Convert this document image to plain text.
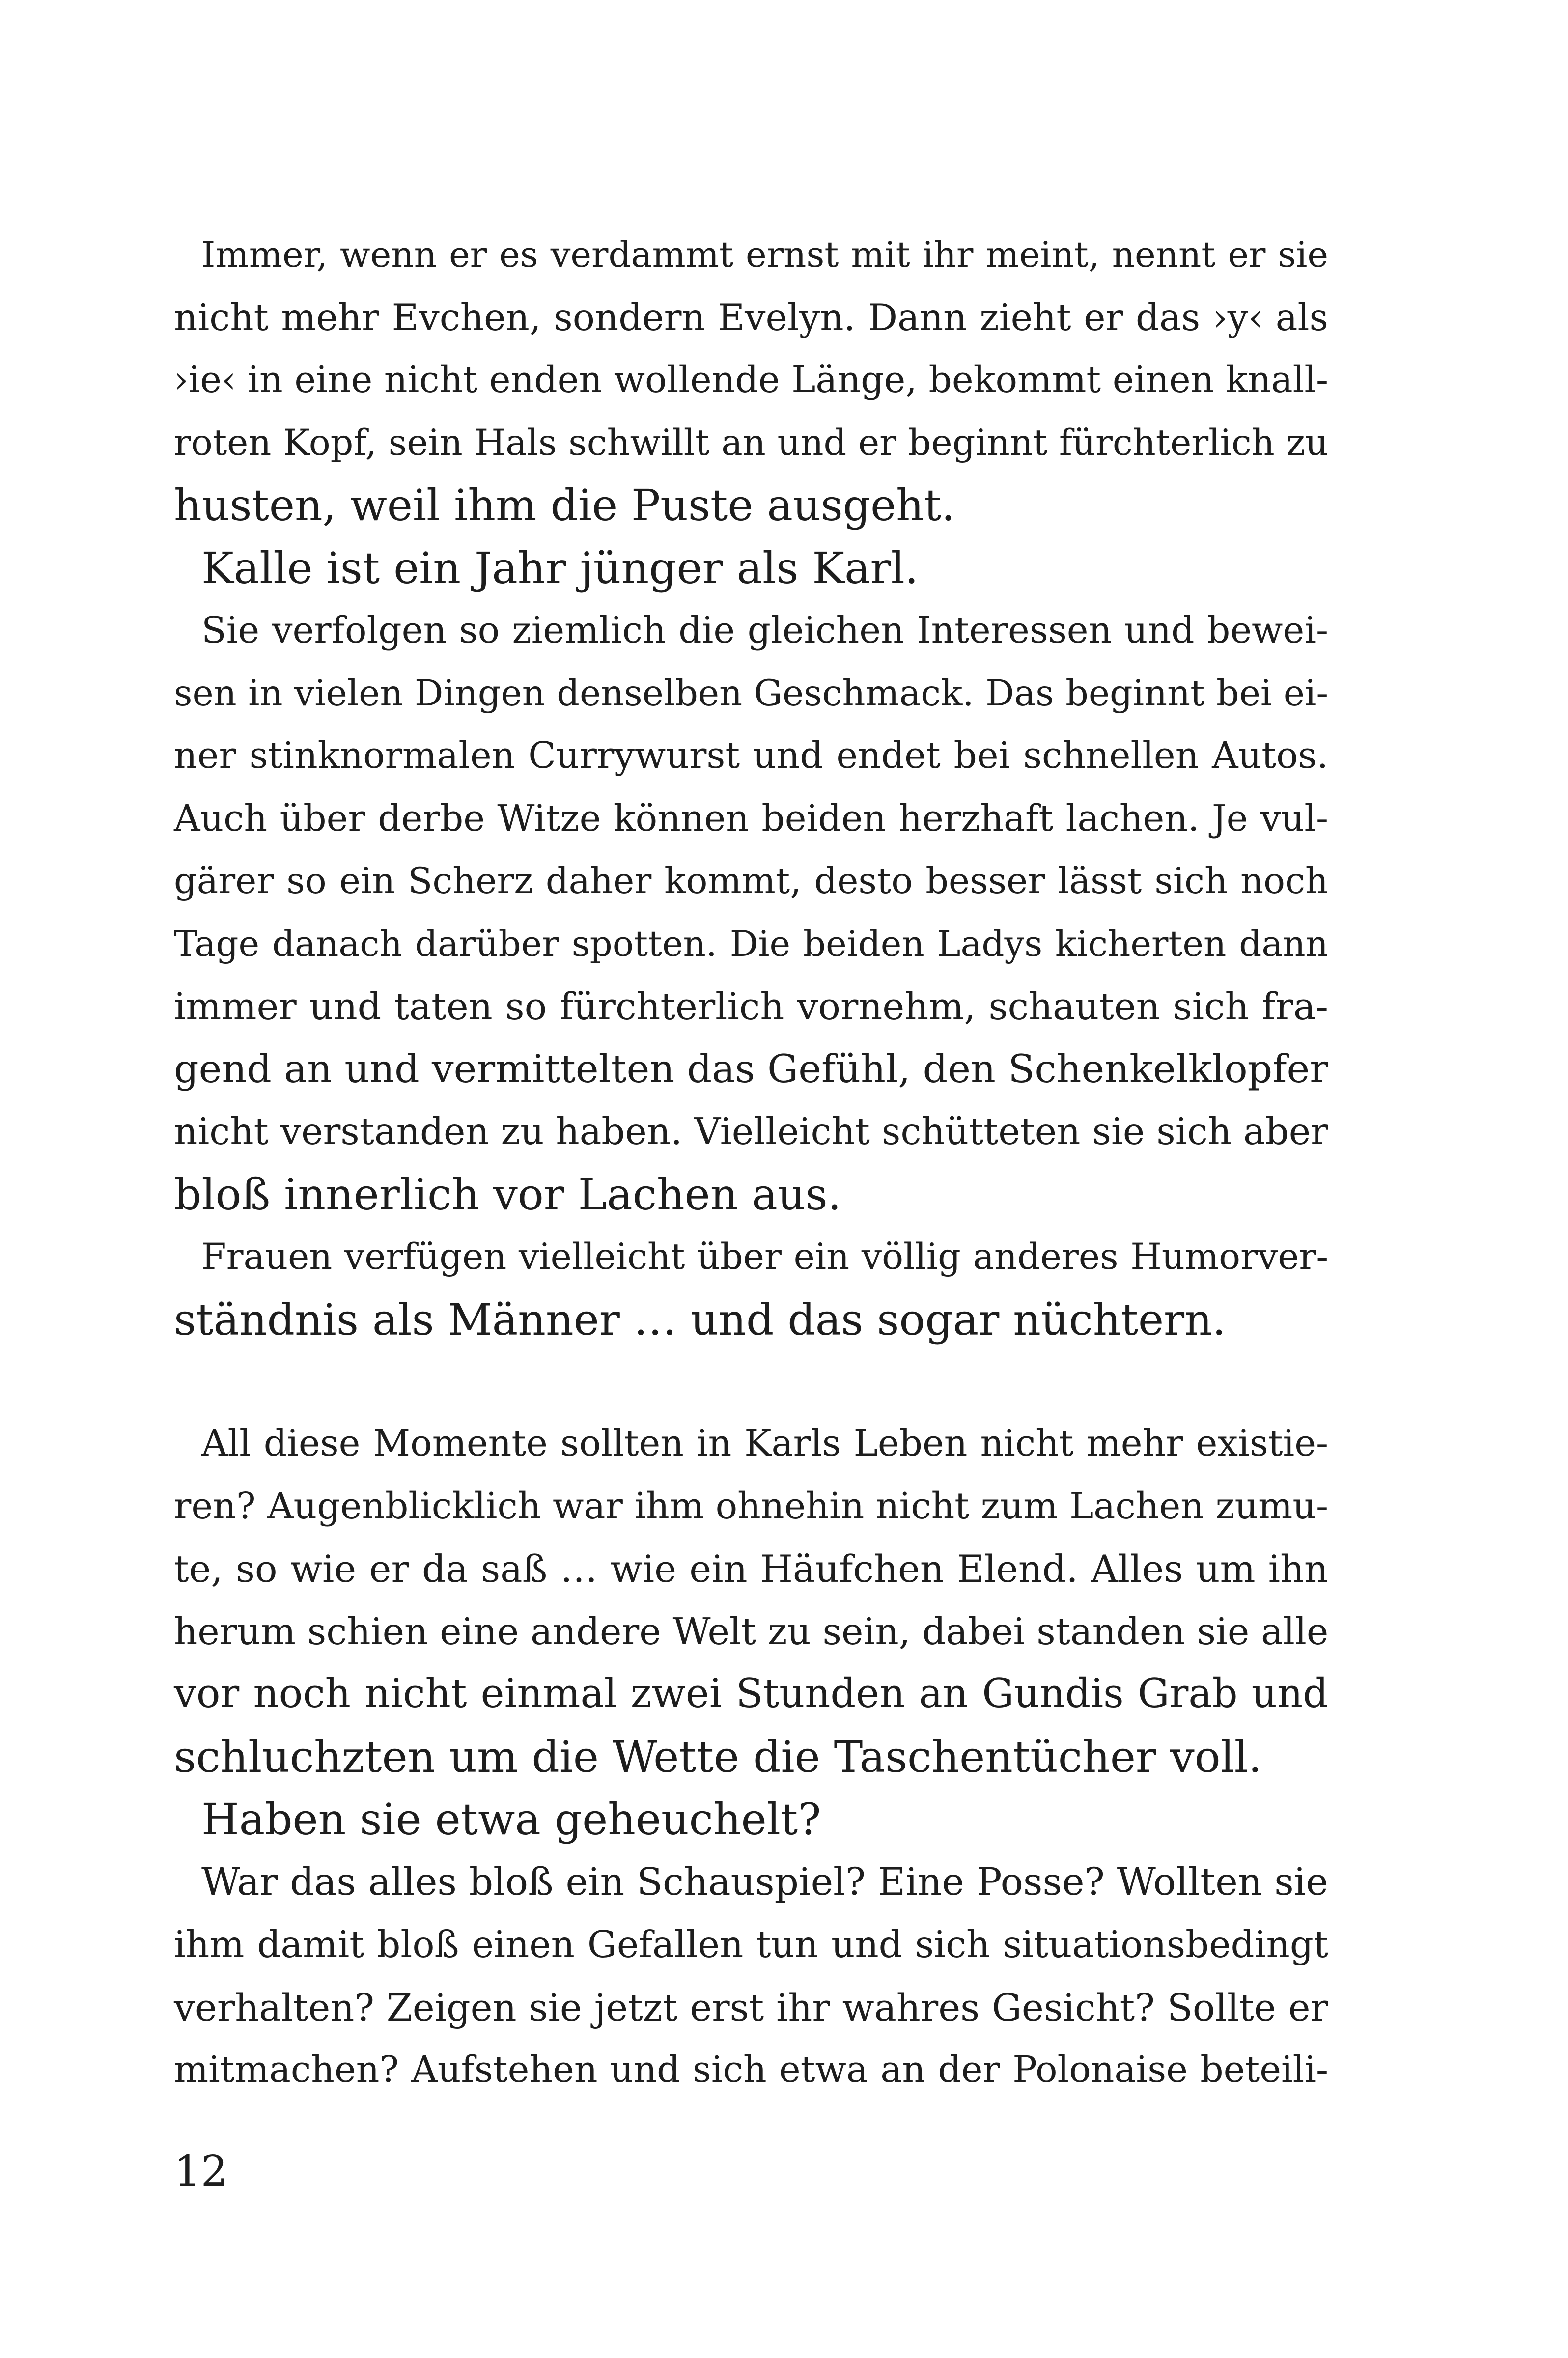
Immer, wenn er es verdammt ernst mit ihr meint, nennt er sie
nicht mehr Evchen, sondern Evelyn. Dann zieht er das ›y‹ als
›ie‹ in eine nicht enden wollende Länge, bekommt einen knall-
roten Kopf, sein Hals schwillt an und er beginnt fürchterlich zu
husten, weil ihm die Puste ausgeht.
Kalle ist ein Jahr jünger als Karl.
Sie verfolgen so ziemlich die gleichen Interessen und bewei-
sen in vielen Dingen denselben Geschmack. Das beginnt bei ei-
ner stinknormalen Currywurst und endet bei schnellen Autos.
Auch über derbe Witze können beiden herzhaft lachen. Je vul-
gärer so ein Scherz daher kommt, desto besser lässt sich noch
Tage danach darüber spotten. Die beiden Ladys kicherten dann
immer und taten so fürchterlich vornehm, schauten sich fra-
gend an und vermittelten das Gefühl, den Schenkelklopfer
nicht verstanden zu haben. Vielleicht schütteten sie sich aber
bloß innerlich vor Lachen aus.
Frauen verfügen vielleicht über ein völlig anderes Humorver-
ständnis als Männer … und das sogar nüchtern.
All diese Momente sollten in Karls Leben nicht mehr existie-
ren? Augenblicklich war ihm ohnehin nicht zum Lachen zumu-
te, so wie er da saß … wie ein Häufchen Elend. Alles um ihn
herum schien eine andere Welt zu sein, dabei standen sie alle
vor noch nicht einmal zwei Stunden an Gundis Grab und
schluchzten um die Wette die Taschentücher voll.
Haben sie etwa geheuchelt?
War das alles bloß ein Schauspiel? Eine Posse? Wollten sie
ihm damit bloß einen Gefallen tun und sich situationsbedingt
verhalten? Zeigen sie jetzt erst ihr wahres Gesicht? Sollte er
mitmachen? Aufstehen und sich etwa an der Polonaise beteili-
12
